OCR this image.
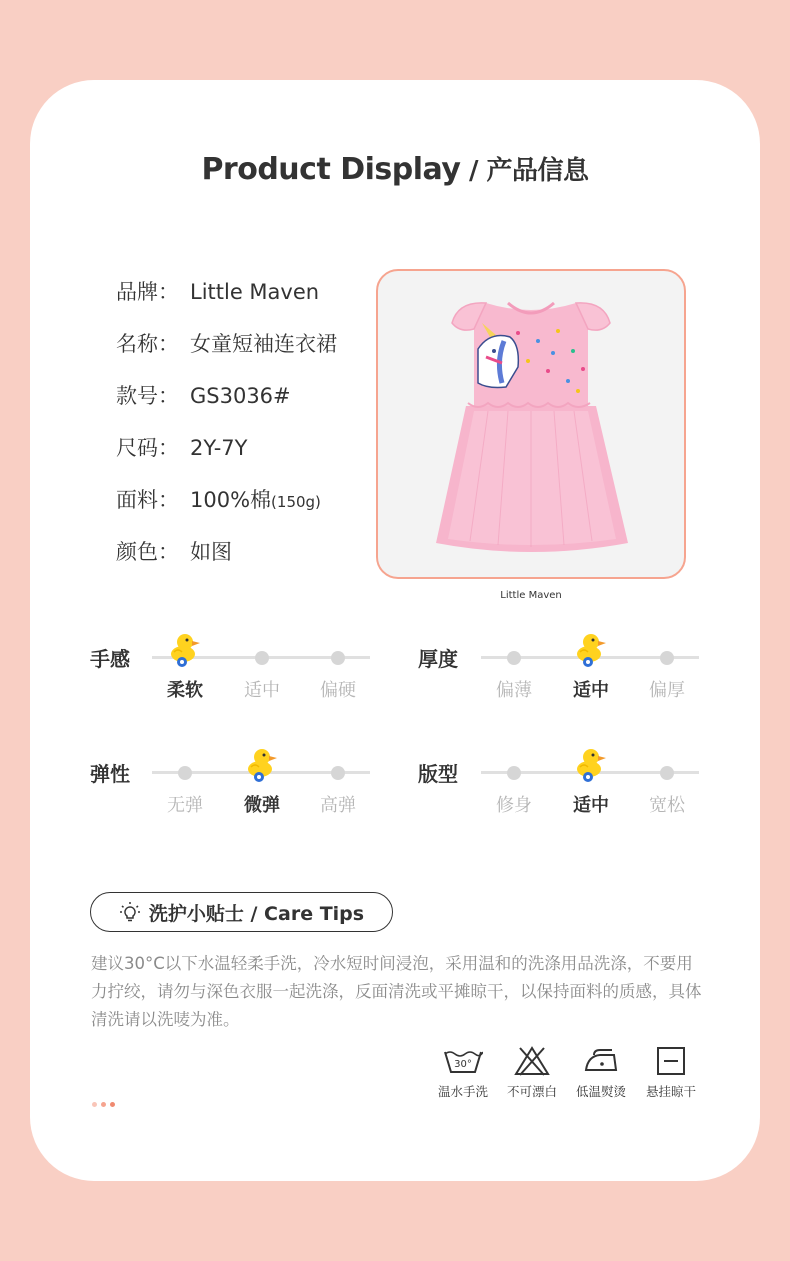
Product Display / 产品信息
品牌： Little Maven
名称： 女童短袖连衣裙
款号： GS3036#
尺码： 2Y-7Y
面料： 100%棉(150g)
颜色： 如图
Little Maven
手感
柔软	适中	偏硬
厚度
偏薄	适中	偏厚
弹性
无弹	微弹	高弹
版型
修身	适中	宽松
洗护小贴士 / Care Tips
建议30°C以下水温轻柔手洗，冷水短时间浸泡，采用温和的洗涤用品洗涤，不要用力拧绞，请勿与深色衣服一起洗涤，反面清洗或平摊晾干，以保持面料的质感，具体清洗请以洗唛为准。
30°
温水手洗	不可漂白	低温熨烫	悬挂晾干
